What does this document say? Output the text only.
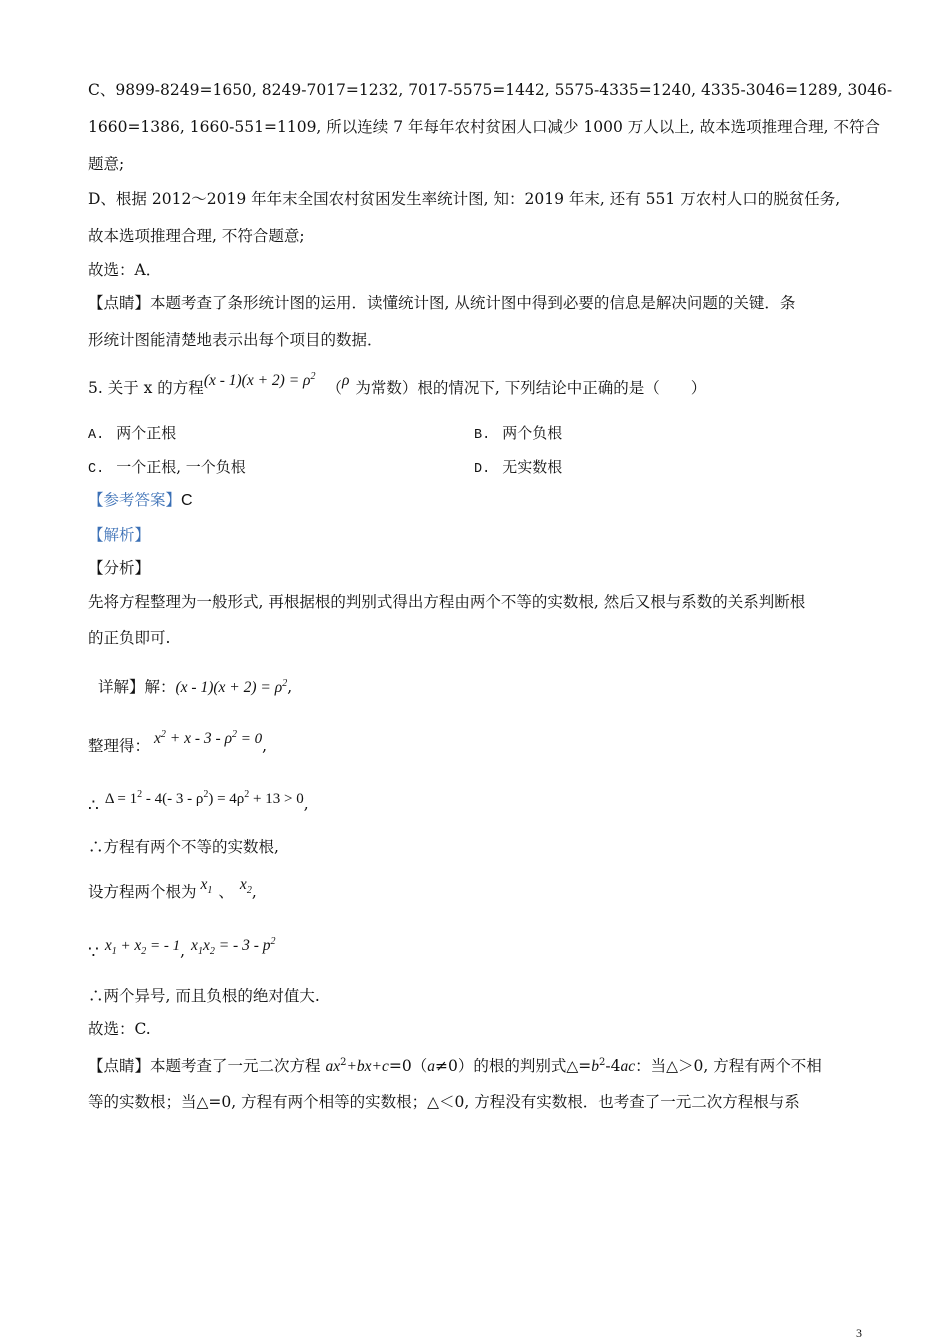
C、9899-8249=1650, 8249-7017=1232, 7017-5575=1442, 5575-4335=1240, 4335-3046=1289, 3046-
1660=1386, 1660-551=1109, 所以连续 7 年每年农村贫困人口减少 1000 万人以上, 故本选项推理合理, 不符合
题意;
D、根据 2012～2019 年年末全国农村贫困发生率统计图, 知：2019 年末, 还有 551 万农村人口的脱贫任务,
故本选项推理合理, 不符合题意;
故选：A．
【点睛】本题考查了条形统计图的运用．读懂统计图, 从统计图中得到必要的信息是解决问题的关键．条
形统计图能清楚地表示出每个项目的数据．
5. 关于 x 的方程$(x - 1)(x + 2) = \rho^2$ （ρ 为常数）根的情况下, 下列结论中正确的是（　　）
A. 两个正根	B. 两个负根
C. 一个正根, 一个负根	D. 无实数根
【参考答案】C
【解析】
【分析】
先将方程整理为一般形式, 再根据根的判别式得出方程由两个不等的实数根, 然后又根与系数的关系判断根
的正负即可.
详解】解：$(x - 1)(x + 2) = \rho^2$,
整理得： $x^2 + x - 3 - \rho^2 = 0$,
∴ $\Delta = 1^2 - 4(-$ $3 - \rho^2) = 4\rho^2 + 13 > 0$,
∴方程有两个不等的实数根,
设方程两个根为 $x_1$ 、 $x_2$,
∵ $x_1 + x_2$ = - 1, $x_1x_2$ = - $3 - p^2$
∴两个异号, 而且负根的绝对值大.
故选：C.
【点睛】本题考查了一元二次方程 $ax^2+bx+c=0(a\ne 0)$的根的判别式$\triangle=b^2-4ac$：当△＞0, 方程有两个不相
等的实数根；当△=0, 方程有两个相等的实数根；△＜0, 方程没有实数根．也考查了一元二次方程根与系
3
